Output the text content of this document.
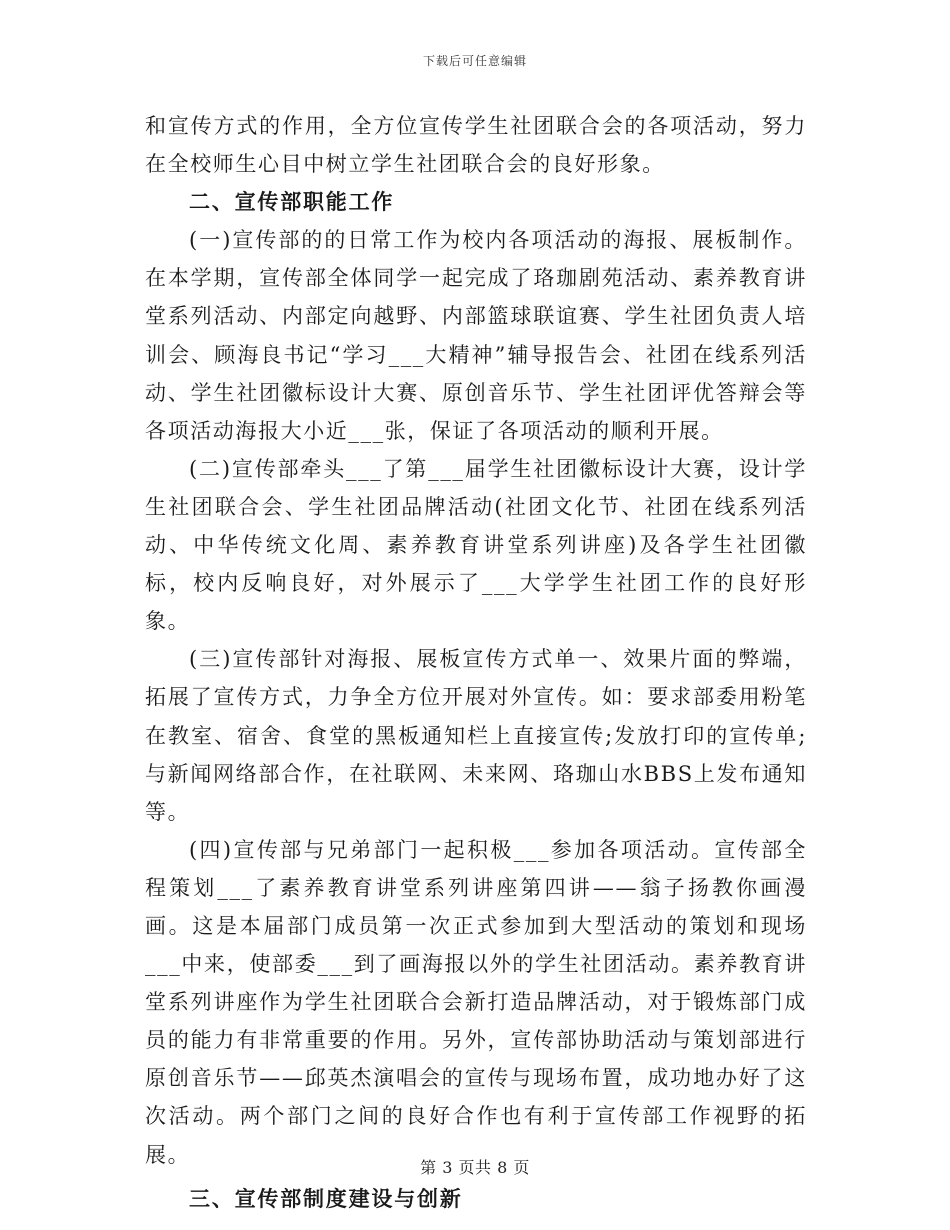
下载后可任意编辑

和宣传方式的作用，全方位宣传学生社团联合会的各项活动，努力在全校师生心目中树立学生社团联合会的良好形象。

二、宣传部职能工作

(一)宣传部的的日常工作为校内各项活动的海报、展板制作。在本学期，宣传部全体同学一起完成了珞珈剧苑活动、素养教育讲堂系列活动、内部定向越野、内部篮球联谊赛、学生社团负责人培训会、顾海良书记“学习___大精神”辅导报告会、社团在线系列活动、学生社团徽标设计大赛、原创音乐节、学生社团评优答辩会等各项活动海报大小近___张，保证了各项活动的顺利开展。

(二)宣传部牵头___了第___届学生社团徽标设计大赛，设计学生社团联合会、学生社团品牌活动(社团文化节、社团在线系列活动、中华传统文化周、素养教育讲堂系列讲座)及各学生社团徽标，校内反响良好，对外展示了___大学学生社团工作的良好形象。

(三)宣传部针对海报、展板宣传方式单一、效果片面的弊端，拓展了宣传方式，力争全方位开展对外宣传。如：要求部委用粉笔在教室、宿舍、食堂的黑板通知栏上直接宣传;发放打印的宣传单;与新闻网络部合作，在社联网、未来网、珞珈山水BBS上发布通知等。

(四)宣传部与兄弟部门一起积极___参加各项活动。宣传部全程策划___了素养教育讲堂系列讲座第四讲——翁子扬教你画漫画。这是本届部门成员第一次正式参加到大型活动的策划和现场___中来，使部委___到了画海报以外的学生社团活动。素养教育讲堂系列讲座作为学生社团联合会新打造品牌活动，对于锻炼部门成员的能力有非常重要的作用。另外，宣传部协助活动与策划部进行原创音乐节——邱英杰演唱会的宣传与现场布置，成功地办好了这次活动。两个部门之间的良好合作也有利于宣传部工作视野的拓展。

三、宣传部制度建设与创新

第 3 页共 8 页
